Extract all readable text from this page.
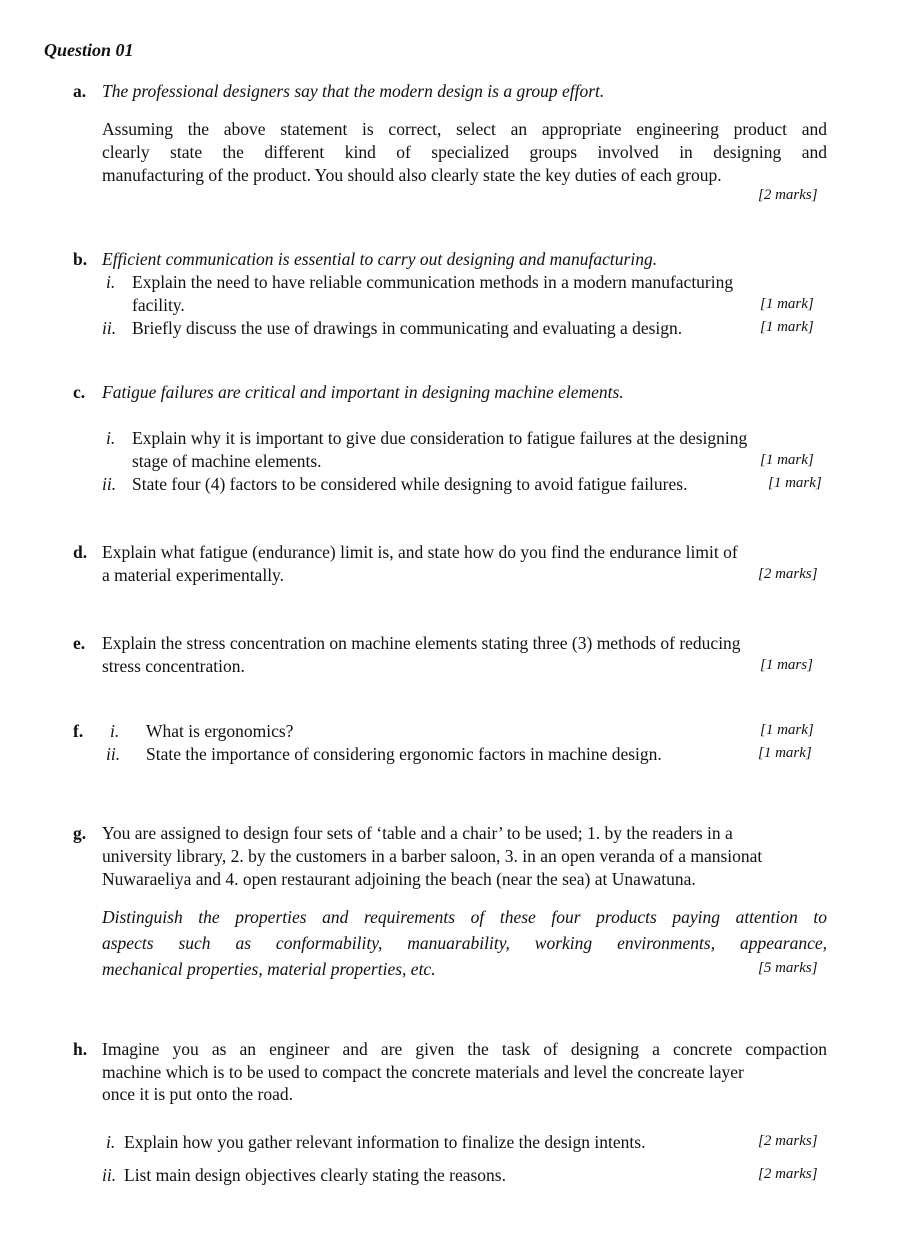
Question 01
a. The professional designers say that the modern design is a group effort.
Assuming the above statement is correct, select an appropriate engineering product and
clearly state the different kind of specialized groups involved in designing and
manufacturing of the product. You should also clearly state the key duties of each group.
[2 marks]
b. Efficient communication is essential to carry out designing and manufacturing.
i. Explain the need to have reliable communication methods in a modern manufacturing
facility.	[1 mark]
ii. Briefly discuss the use of drawings in communicating and evaluating a design.	[1 mark]
c. Fatigue failures are critical and important in designing machine elements.
i. Explain why it is important to give due consideration to fatigue failures at the designing
stage of machine elements.	[1 mark]
ii. State four (4) factors to be considered while designing to avoid fatigue failures.	[1 mark]
d. Explain what fatigue (endurance) limit is, and state how do you find the endurance limit of
a material experimentally.	[2 marks]
e. Explain the stress concentration on machine elements stating three (3) methods of reducing
stress concentration.	[1 mars]
f. i. What is ergonomics?	[1 mark]
ii. State the importance of considering ergonomic factors in machine design.	[1 mark]
g. You are assigned to design four sets of ‘table and a chair’ to be used; 1. by the readers in a
university library, 2. by the customers in a barber saloon, 3. in an open veranda of a mansionat
Nuwaraeliya and 4. open restaurant adjoining the beach (near the sea) at Unawatuna.
Distinguish the properties and requirements of these four products paying attention to
aspects such as conformability, manuarability, working environments, appearance,
mechanical properties, material properties, etc.	[5 marks]
h. Imagine you as an engineer and are given the task of designing a concrete compaction
machine which is to be used to compact the concrete materials and level the concreate layer
once it is put onto the road.
i. Explain how you gather relevant information to finalize the design intents.	[2 marks]
ii. List main design objectives clearly stating the reasons.	[2 marks]
